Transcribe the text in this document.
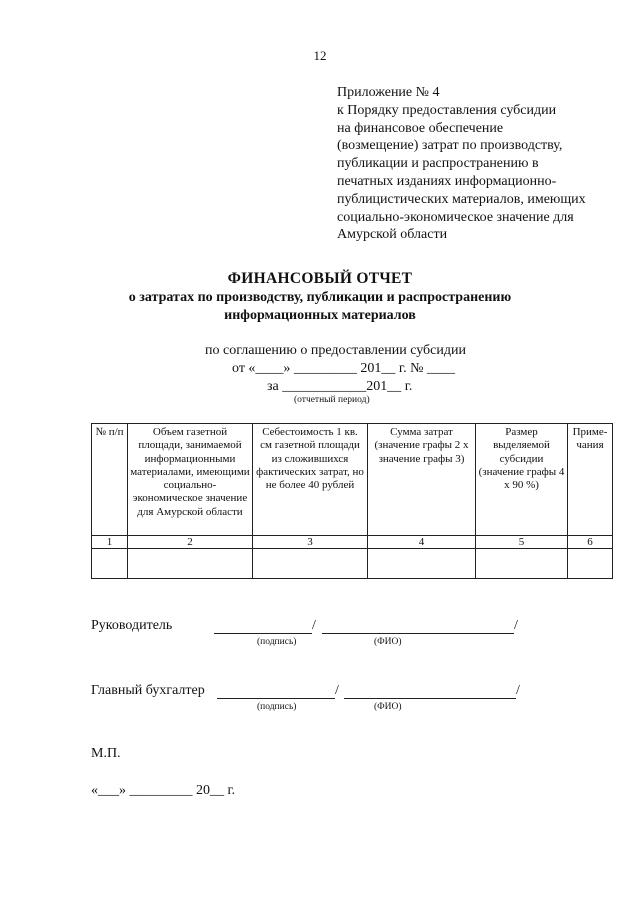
12
Приложение № 4
к Порядку предоставления субсидии
на финансовое обеспечение
(возмещение) затрат по производству,
публикации и распространению в
печатных изданиях информационно-
публицистических материалов, имеющих
социально-экономическое значение для
Амурской области
ФИНАНСОВЫЙ ОТЧЕТ
о затратах по производству, публикации и распространению
информационных материалов
по соглашению о предоставлении субсидии
от «____» _________ 201__ г. № ____
за ____________201__ г.
(отчетный период)
№ п/п	Объем газетной площади, занимаемой информационными материалами, имеющими социально-экономическое значение для Амурской области	Себестоимость 1 кв. см газетной площади из сложившихся фактических затрат, но не более 40 рублей	Сумма затрат (значение графы 2 х значение графы 3)	Размер выделяемой субсидии (значение графы 4 х 90 %)	Приме-чания
1	2	3	4	5	6

Руководитель	/	/
(подпись)	(ФИО)
Главный бухгалтер	/	/
(подпись)	(ФИО)
М.П.
«___» _________ 20__ г.
